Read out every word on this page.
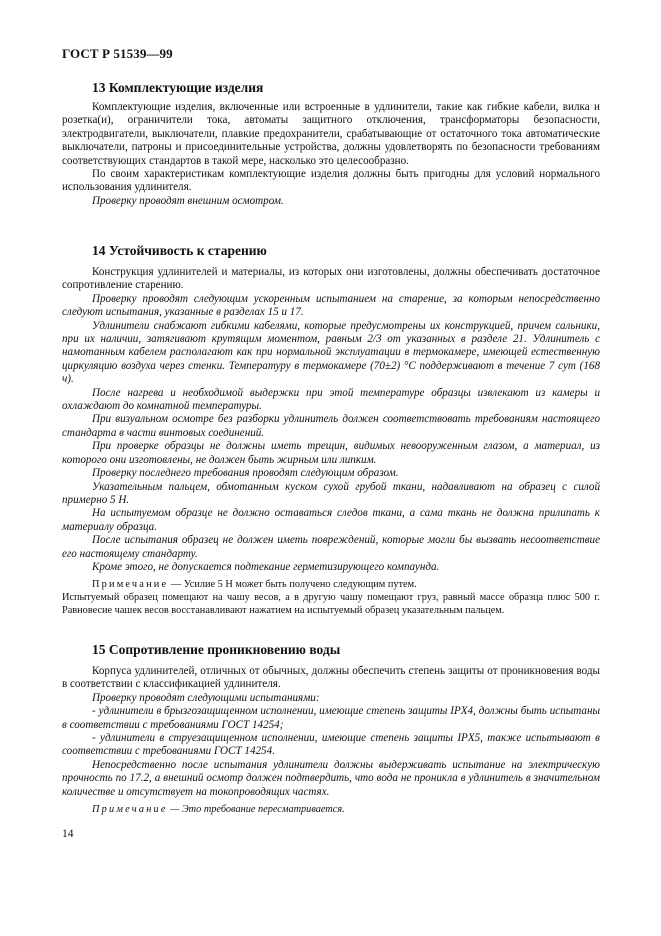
ГОСТ Р 51539—99
13 Комплектующие изделия

Комплектующие изделия, включенные или встроенные в удлинители, такие как гибкие кабели, вилка и розетка(и), ограничители тока, автоматы защитного отключения, трансформаторы безопасности, электродвигатели, выключатели, плавкие предохранители, срабатывающие от остаточного тока автоматические выключатели, патроны и присоединительные устройства, должны удовлетворять по безопасности требованиям соответствующих стандартов в такой мере, насколько это целесообразно.

По своим характеристикам комплектующие изделия должны быть пригодны для условий нормального использования удлинителя.

Проверку проводят внешним осмотром.

14 Устойчивость к старению

Конструкция удлинителей и материалы, из которых они изготовлены, должны обеспечивать достаточное сопротивление старению.

Проверку проводят следующим ускоренным испытанием на старение, за которым непосредственно следуют испытания, указанные в разделах 15 и 17.

Удлинители снабжают гибкими кабелями, которые предусмотрены их конструкцией, причем сальники, при их наличии, затягивают крутящим моментом, равным 2/3 от указанных в разделе 21. Удлинитель с намотанным кабелем располагают как при нормальной эксплуатации в термокамере, имеющей естественную циркуляцию воздуха через стенки. Температуру в термокамере (70±2) °С поддерживают в течение 7 сут (168 ч).

После нагрева и необходимой выдержки при этой температуре образцы извлекают из камеры и охлаждают до комнатной температуры.

При визуальном осмотре без разборки удлинитель должен соответствовать требованиям настоящего стандарта в части винтовых соединений.

При проверке образцы не должны иметь трещин, видимых невооруженным глазом, а материал, из которого они изготовлены, не должен быть жирным или липким.

Проверку последнего требования проводят следующим образом.

Указательным пальцем, обмотанным куском сухой грубой ткани, надавливают на образец с силой примерно 5 Н.

На испытуемом образце не должно оставаться следов ткани, а сама ткань не должна прилипать к материалу образца.

После испытания образец не должен иметь повреждений, которые могли бы вызвать несоответствие его настоящему стандарту.

Кроме этого, не допускается подтекание герметизирующего компаунда.

Примечание — Усилие 5 Н может быть получено следующим путем.

Испытуемый образец помещают на чашу весов, а в другую чашу помещают груз, равный массе образца плюс 500 г. Равновесие чашек весов восстанавливают нажатием на испытуемый образец указательным пальцем.

15 Сопротивление проникновению воды

Корпуса удлинителей, отличных от обычных, должны обеспечить степень защиты от проникновения воды в соответствии с классификацией удлинителя.

Проверку проводят следующими испытаниями:

- удлинители в брызгозащищенном исполнении, имеющие степень защиты IPX4, должны быть испытаны в соответствии с требованиями ГОСТ 14254;

- удлинители в струезащищенном исполнении, имеющие степень защиты IPX5, также испытывают в соответствии с требованиями ГОСТ 14254.

Непосредственно после испытания удлинители должны выдерживать испытание на электрическую прочность по 17.2, а внешний осмотр должен подтвердить, что вода не проникла в удлинитель в значительном количестве и отсутствует на токопроводящих частях.

Примечание — Это требование пересматривается.

14
